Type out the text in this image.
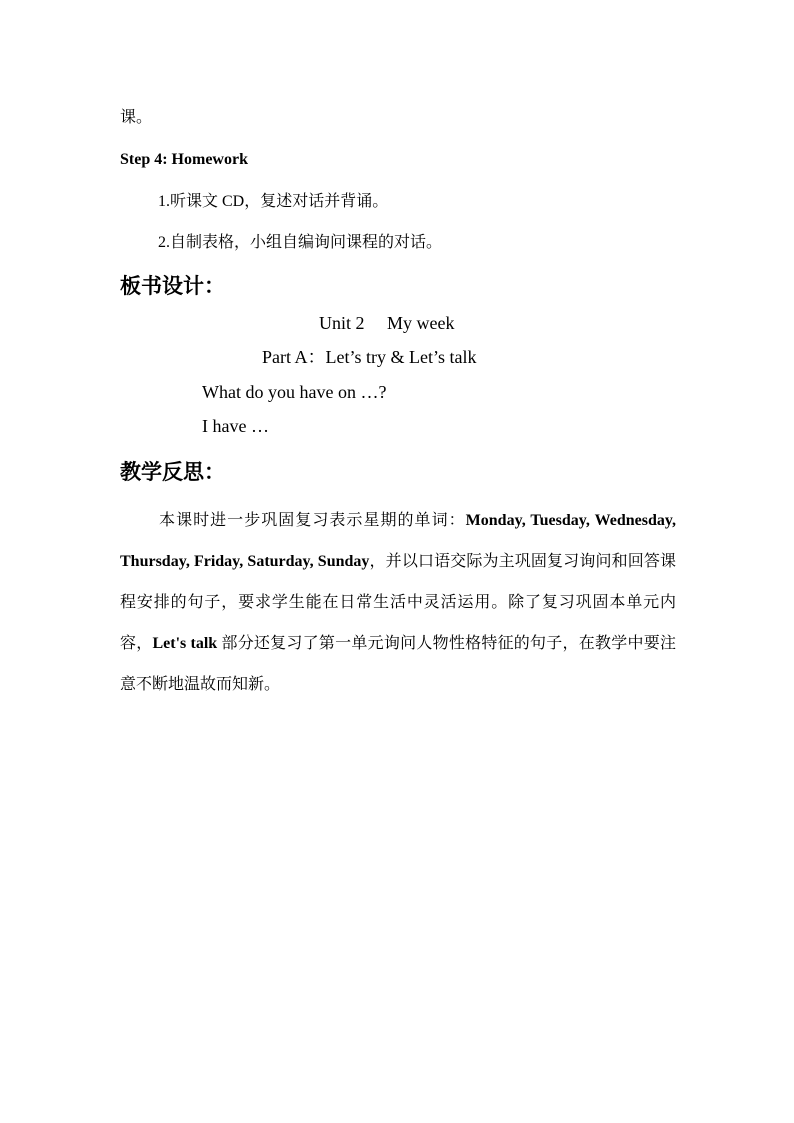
课。
Step 4: Homework
1.听课文 CD，复述对话并背诵。
2.自制表格，小组自编询问课程的对话。
板书设计：
Unit 2　 My week
Part A：Let’s try & Let’s talk
What do you have on …?
I have …
教学反思：
本课时进一步巩固复习表示星期的单词：Monday, Tuesday, Wednesday, Thursday, Friday, Saturday, Sunday，并以口语交际为主巩固复习询问和回答课程安排的句子，要求学生能在日常生活中灵活运用。除了复习巩固本单元内容，Let's talk 部分还复习了第一单元询问人物性格特征的句子，在教学中要注意不断地温故而知新。
